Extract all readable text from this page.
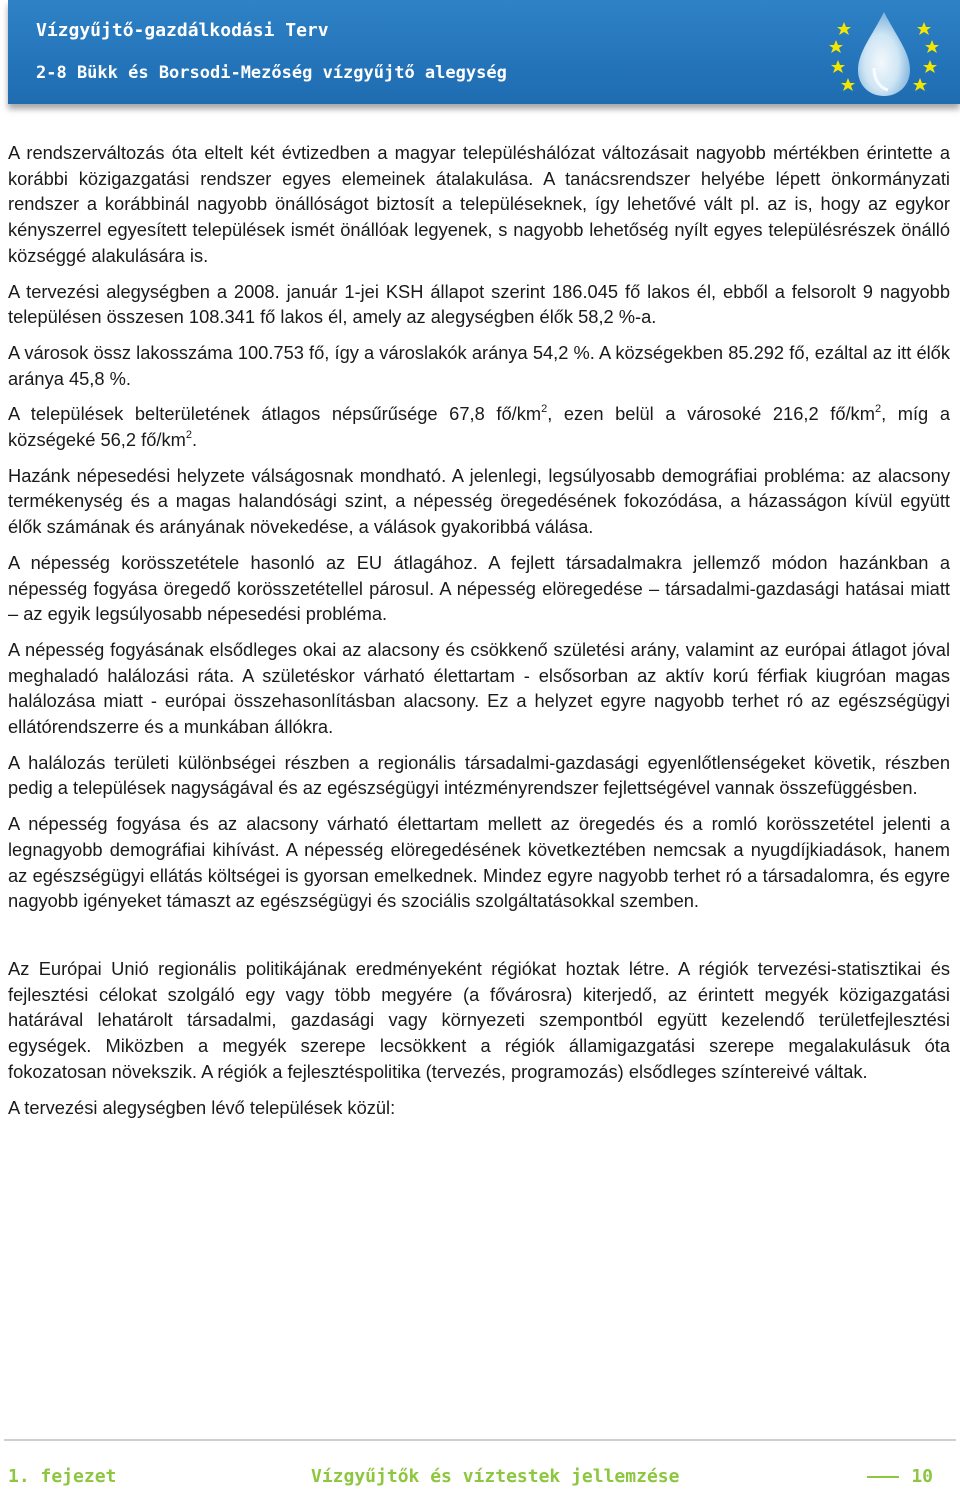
Vízgyűjtő-gazdálkodási Terv
2-8 Bükk és Borsodi-Mezőség vízgyűjtő alegység

A rendszerváltozás óta eltelt két évtizedben a magyar településhálózat változásait nagyobb mértékben érintette a korábbi közigazgatási rendszer egyes elemeinek átalakulása. A tanácsrendszer helyébe lépett önkormányzati rendszer a korábbinál nagyobb önállóságot biztosít a településeknek, így lehetővé vált pl. az is, hogy az egykor kényszerrel egyesített települések ismét önállóak legyenek, s nagyobb lehetőség nyílt egyes településrészek önálló községgé alakulására is.

A tervezési alegységben a 2008. január 1-jei KSH állapot szerint 186.045 fő lakos él, ebből a felsorolt 9 nagyobb településen összesen 108.341 fő lakos él, amely az alegységben élők 58,2 %-a.

A városok össz lakosszáma 100.753 fő, így a városlakók aránya 54,2 %. A községekben 85.292 fő, ezáltal az itt élők aránya 45,8 %.

A települések belterületének átlagos népsűrűsége 67,8 $fő/km^2$, ezen belül a városoké 216,2 $fő/km^2$, míg a községeké 56,2 $fő/km^2$.

Hazánk népesedési helyzete válságosnak mondható. A jelenlegi, legsúlyosabb demográfiai probléma: az alacsony termékenység és a magas halandósági szint, a népesség öregedésének fokozódása, a házasságon kívül együtt élők számának és arányának növekedése, a válások gyakoribbá válása.

A népesség korösszetétele hasonló az EU átlagához. A fejlett társadalmakra jellemző módon hazánkban a népesség fogyása öregedő korösszetétellel párosul. A népesség elöregedése – társadalmi-gazdasági hatásai miatt – az egyik legsúlyosabb népesedési probléma.

A népesség fogyásának elsődleges okai az alacsony és csökkenő születési arány, valamint az európai átlagot jóval meghaladó halálozási ráta. A születéskor várható élettartam - elsősorban az aktív korú férfiak kiugróan magas halálozása miatt - európai összehasonlításban alacsony. Ez a helyzet egyre nagyobb terhet ró az egészségügyi ellátórendszerre és a munkában állókra.

A halálozás területi különbségei részben a regionális társadalmi-gazdasági egyenlőtlenségeket követik, részben pedig a települések nagyságával és az egészségügyi intézményrendszer fejlettségével vannak összefüggésben.

A népesség fogyása és az alacsony várható élettartam mellett az öregedés és a romló korösszetétel jelenti a legnagyobb demográfiai kihívást. A népesség elöregedésének következtében nemcsak a nyugdíjkiadások, hanem az egészségügyi ellátás költségei is gyorsan emelkednek. Mindez egyre nagyobb terhet ró a társadalomra, és egyre nagyobb igényeket támaszt az egészségügyi és szociális szolgáltatásokkal szemben.

Az Európai Unió regionális politikájának eredményeként régiókat hoztak létre. A régiók tervezési-statisztikai és fejlesztési célokat szolgáló egy vagy több megyére (a fővárosra) kiterjedő, az érintett megyék közigazgatási határával lehatárolt társadalmi, gazdasági vagy környezeti szempontból együtt kezelendő területfejlesztési egységek. Miközben a megyék szerepe lecsökkent a régiók államigazgatási szerepe megalakulásuk óta fokozatosan növekszik. A régiók a fejlesztéspolitika (tervezés, programozás) elsődleges színtereivé váltak.

A tervezési alegységben lévő települések közül:

1. fejezet	Vízgyűjtők és víztestek jellemzése	10
